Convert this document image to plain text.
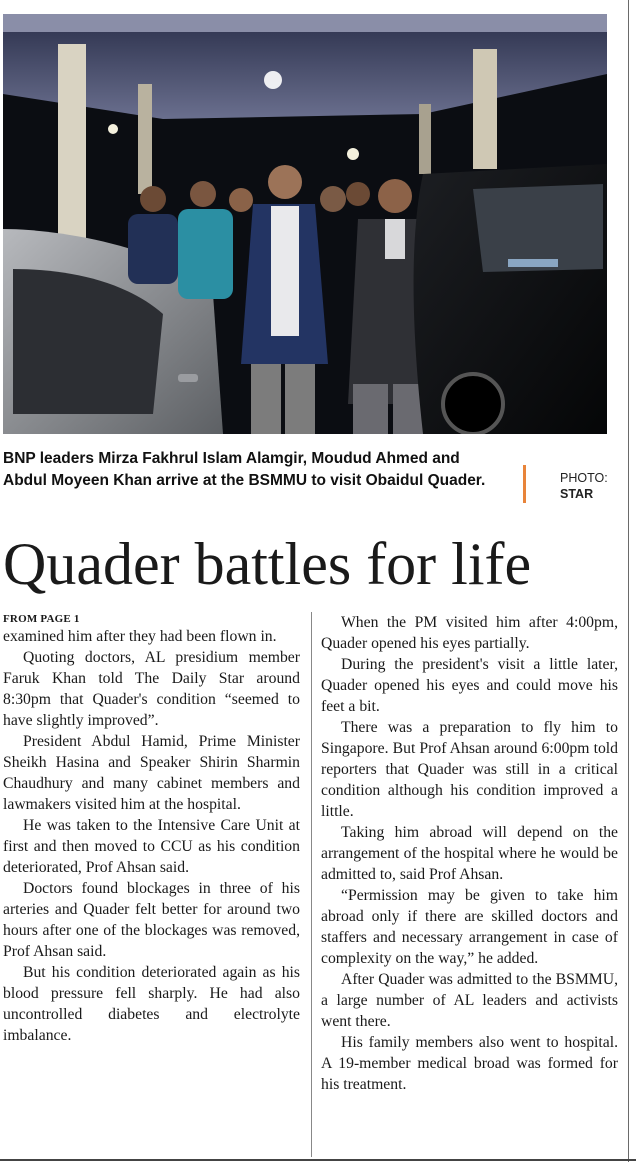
BNP leaders Mirza Fakhrul Islam Alamgir, Moudud Ahmed and Abdul Moyeen Khan arrive at the BSMMU to visit Obaidul Quader.	PHOTO:
STAR
Quader battles for life
FROM PAGE 1

examined him after they had been flown in.

Quoting doctors, AL presidium member Faruk Khan told The Daily Star around 8:30pm that Quader's condition “seemed to have slightly improved”.

President Abdul Hamid, Prime Minister Sheikh Hasina and Speaker Shirin Sharmin Chaudhury and many cabinet members and lawmakers visited him at the hospital.

He was taken to the Intensive Care Unit at first and then moved to CCU as his condition deteriorated, Prof Ahsan said.

Doctors found blockages in three of his arteries and Quader felt better for around two hours after one of the blockages was removed, Prof Ahsan said.

But his condition deteriorated again as his blood pressure fell sharply. He had also uncontrolled diabetes and electrolyte imbalance.

When the PM visited him after 4:00pm, Quader opened his eyes partially.

During the president's visit a little later, Quader opened his eyes and could move his feet a bit.

There was a preparation to fly him to Singapore. But Prof Ahsan around 6:00pm told reporters that Quader was still in a critical condition although his condition improved a little.

Taking him abroad will depend on the arrangement of the hospital where he would be admitted to, said Prof Ahsan.

“Permission may be given to take him abroad only if there are skilled doctors and staffers and necessary arrangement in case of complexity on the way,” he added.

After Quader was admitted to the BSMMU, a large number of AL leaders and activists went there.

His family members also went to hospital. A 19-member medical broad was formed for his treatment.
